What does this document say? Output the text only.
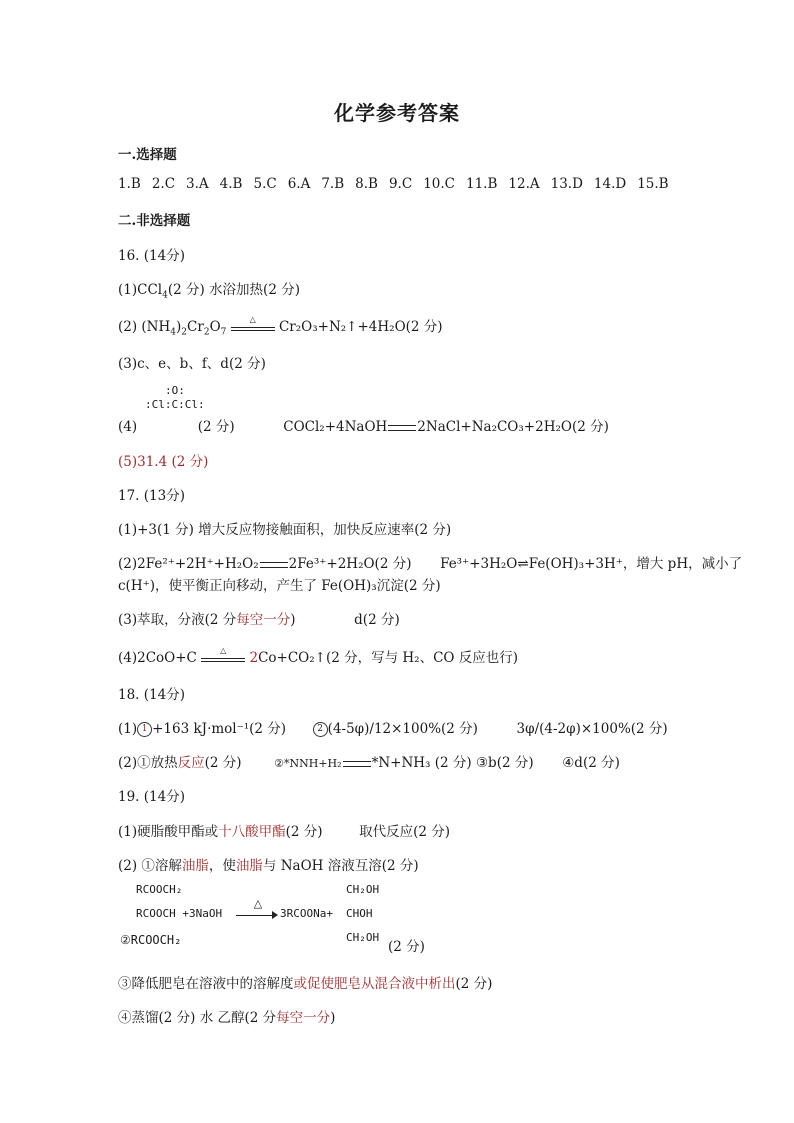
化学参考答案
一.选择题
1.B 2.C 3.A 4.B 5.C 6.A 7.B 8.B 9.C 10.C 11.B 12.A 13.D 14.D 15.B
二.非选择题
16. (14分)
(1)CCl$_4$(2 分) 水浴加热(2 分)
(2) $(NH_4)_2Cr_2O_7$
△	Cr₂O₃+N₂↑+4H₂O(2 分)
(3)c、e、b、f、d(2 分)
:O:
:Cl:C:Cl:
(4)	(2 分)	COCl₂+4NaOH 2NaCl+Na₂CO₃+2H₂O(2 分)
(5)31.4 (2 分)
17. (13分)
(1)+3(1 分) 增大反应物接触面积，加快反应速率(2 分)
(2)2Fe²⁺+2H⁺+H₂O₂ 2Fe³⁺+2H₂O(2 分) Fe³⁺+3H₂O⇌Fe(OH)₃+3H⁺，增大 pH，减小了
c(H⁺)，使平衡正向移动，产生了 Fe(OH)₃沉淀(2 分)
(3)萃取，分液(2 分每空一分)	d(2 分)
(4)2CoO+C	△	2Co+CO₂↑(2 分，写与 H₂、CO 反应也行)
18. (14分)
(1) 1 +163 kJ·mol⁻¹(2 分)	2 (4-5φ)/12×100%(2 分)	3φ/(4-2φ)×100%(2 分)
(2)①放热反应(2 分)	②*NNH+H₂ *N+NH₃ (2 分) ③b(2 分) ④d(2 分)
19. (14分)
(1)硬脂酸甲酯或十八酸甲酯(2 分)	取代反应(2 分)
(2) ①溶解油脂，使油脂与 NaOH 溶液互溶(2 分)
RCOOCH₂
RCOOCH +3NaOH
②RCOOCH₂
△
3RCOONa+
CH₂OH
CHOH
CH₂OH
(2 分)
③降低肥皂在溶液中的溶解度或促使肥皂从混合液中析出(2 分)
④蒸馏(2 分) 水 乙醇(2 分每空一分)
